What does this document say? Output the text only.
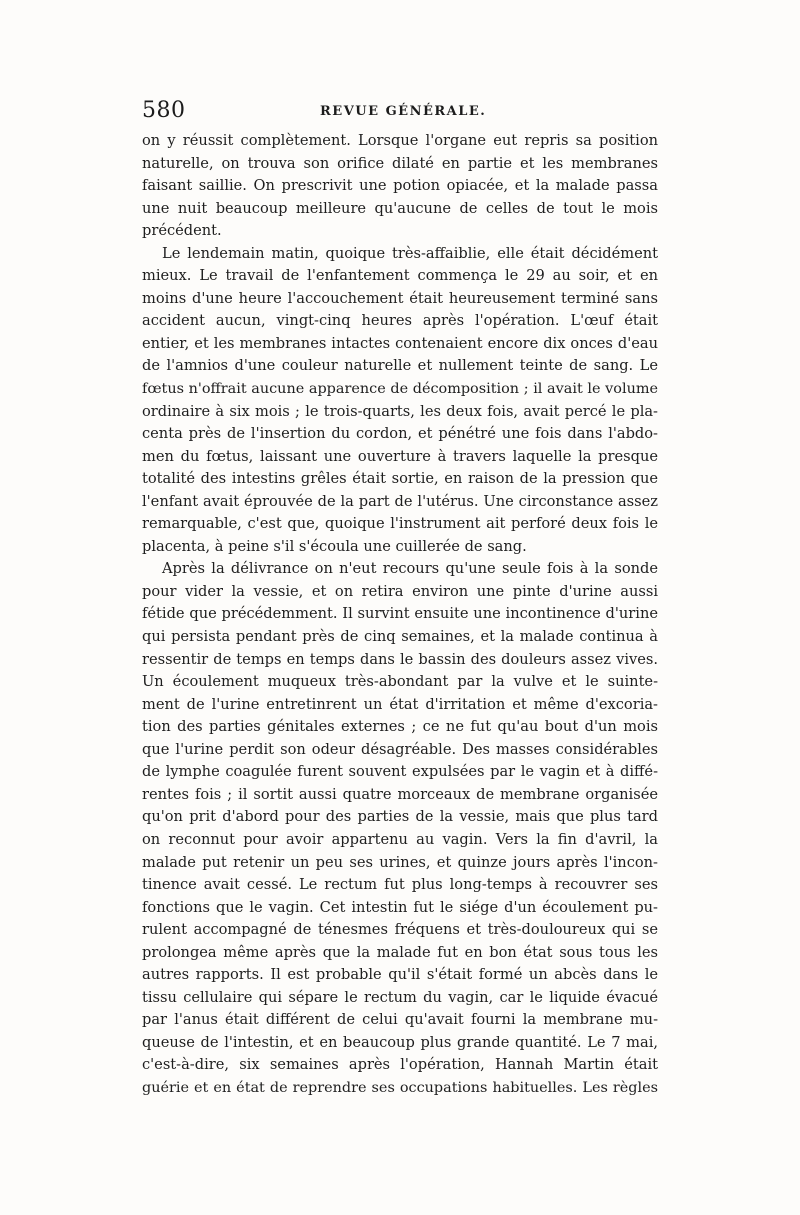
580	REVUE GÉNÉRALE.
on y réussit complètement. Lorsque l'organe eut repris sa position
naturelle, on trouva son orifice dilaté en partie et les membranes
faisant saillie. On prescrivit une potion opiacée, et la malade passa
une nuit beaucoup meilleure qu'aucune de celles de tout le mois
précédent.
Le lendemain matin, quoique très-affaiblie, elle était décidément
mieux. Le travail de l'enfantement commença le 29 au soir, et en
moins d'une heure l'accouchement était heureusement terminé sans
accident aucun, vingt-cinq heures après l'opération. L'œuf était
entier, et les membranes intactes contenaient encore dix onces d'eau
de l'amnios d'une couleur naturelle et nullement teinte de sang. Le
fœtus n'offrait aucune apparence de décomposition ; il avait le volume
ordinaire à six mois ; le trois-quarts, les deux fois, avait percé le pla-
centa près de l'insertion du cordon, et pénétré une fois dans l'abdo-
men du fœtus, laissant une ouverture à travers laquelle la presque
totalité des intestins grêles était sortie, en raison de la pression que
l'enfant avait éprouvée de la part de l'utérus. Une circonstance assez
remarquable, c'est que, quoique l'instrument ait perforé deux fois le
placenta, à peine s'il s'écoula une cuillerée de sang.
Après la délivrance on n'eut recours qu'une seule fois à la sonde
pour vider la vessie, et on retira environ une pinte d'urine aussi
fétide que précédemment. Il survint ensuite une incontinence d'urine
qui persista pendant près de cinq semaines, et la malade continua à
ressentir de temps en temps dans le bassin des douleurs assez vives.
Un écoulement muqueux très-abondant par la vulve et le suinte-
ment de l'urine entretinrent un état d'irritation et même d'excoria-
tion des parties génitales externes ; ce ne fut qu'au bout d'un mois
que l'urine perdit son odeur désagréable. Des masses considérables
de lymphe coagulée furent souvent expulsées par le vagin et à diffé-
rentes fois ; il sortit aussi quatre morceaux de membrane organisée
qu'on prit d'abord pour des parties de la vessie, mais que plus tard
on reconnut pour avoir appartenu au vagin. Vers la fin d'avril, la
malade put retenir un peu ses urines, et quinze jours après l'incon-
tinence avait cessé. Le rectum fut plus long-temps à recouvrer ses
fonctions que le vagin. Cet intestin fut le siége d'un écoulement pu-
rulent accompagné de ténesmes fréquens et très-douloureux qui se
prolongea même après que la malade fut en bon état sous tous les
autres rapports. Il est probable qu'il s'était formé un abcès dans le
tissu cellulaire qui sépare le rectum du vagin, car le liquide évacué
par l'anus était différent de celui qu'avait fourni la membrane mu-
queuse de l'intestin, et en beaucoup plus grande quantité. Le 7 mai,
c'est-à-dire, six semaines après l'opération, Hannah Martin était
guérie et en état de reprendre ses occupations habituelles. Les règles
